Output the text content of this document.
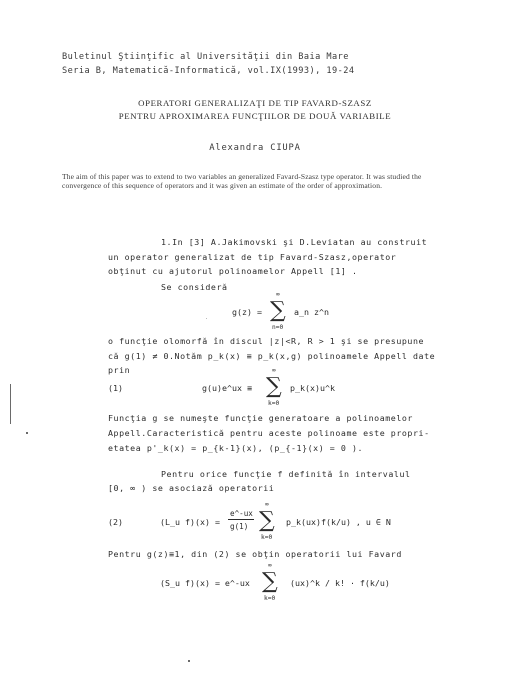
Buletinul Ştiinţific al Universităţii din Baia Mare
Seria B, Matematică-Informatică, vol.IX(1993), 19-24
OPERATORI GENERALIZAŢI DE TIP FAVARD-SZASZ
PENTRU APROXIMAREA FUNCŢIILOR DE DOUĂ VARIABILE
Alexandra CIUPA
The aim of this paper was to extend to two variables an generalized Favard-Szasz type operator. It was studied the convergence of this sequence of operators and it was given an estimate of the order of approximation.
1.In [3] A.Jakimovski şi D.Leviatan au construit
un operator generalizat de tip Favard-Szasz,operator
obţinut cu ajutorul polinoamelor Appell [1] .
Se consideră
g(z) = ∑
∞
n=0
a_n z^n
o funcţie olomorfă în discul |z|<R, R > 1 şi se presupune
că g(1) ≠ 0.Notăm p_k(x) ≡ p_k(x,g) polinoamele Appell date
prin
(1)	g(u)e^ux ≡ ∑
∞
k=0
p_k(x)u^k
Funcţia g se numeşte funcţie generatoare a polinoamelor
Appell.Caracteristică pentru aceste polinoame este propri-
etatea p'_k(x) = p_{k-1}(x), (p_{-1}(x) = 0 ).
Pentru orice funcţie f definită în intervalul
[0, ∞ ) se asociază operatorii
(2)	(L_u f)(x) =
e^-ux
g(1) ∑
∞
k=0
p_k(ux)f(k/u) , u ∈ N
Pentru g(z)≡1, din (2) se obţin operatorii lui Favard
(S_u f)(x) = e^-ux ∑
∞
k=0
(ux)^k / k! · f(k/u)
